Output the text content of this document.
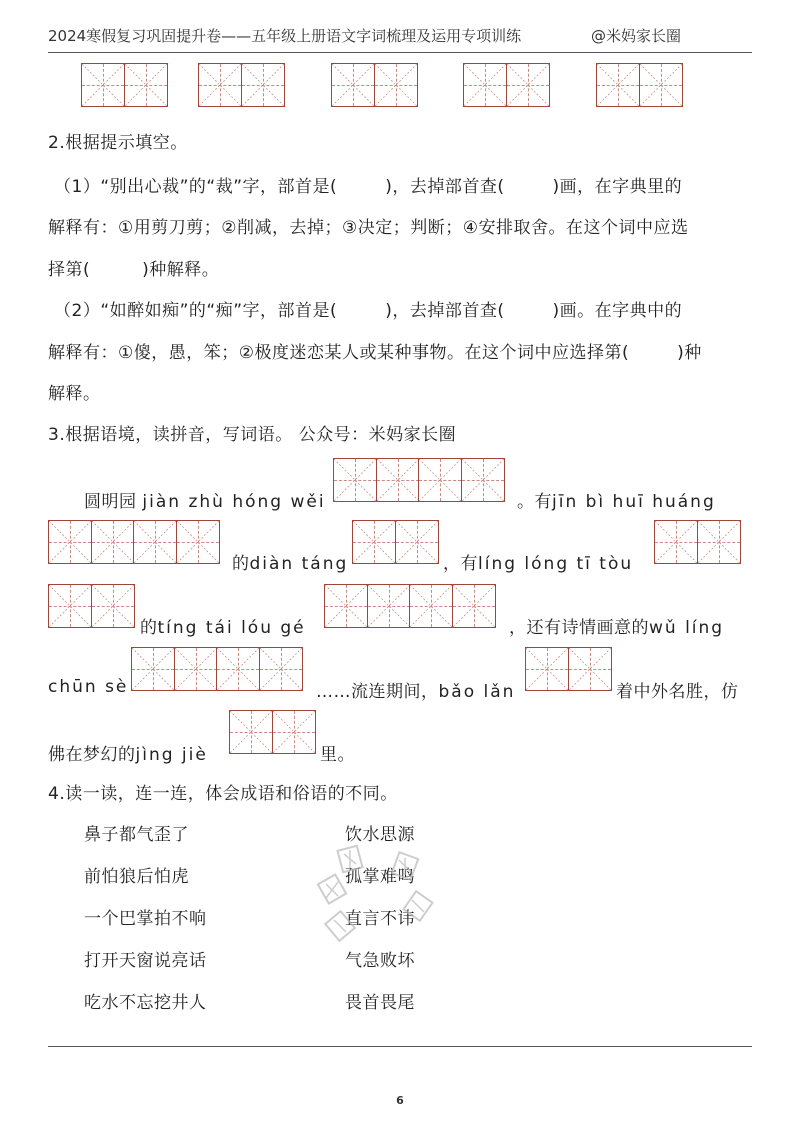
2024寒假复习巩固提升卷——五年级上册语文字词梳理及运用专项训练	@米妈家长圈
2.根据提示填空。
（1）“别出心裁”的“裁”字，部首是(	)，去掉部首查(	)画，在字典里的
解释有：①用剪刀剪；②削减，去掉；③决定；判断；④安排取舍。在这个词中应选
择第(	)种解释。
（2）“如醉如痴”的“痴”字，部首是(	)，去掉部首查(	)画。在字典中的
解释有：①傻，愚，笨；②极度迷恋某人或某种事物。在这个词中应选择第(	)种
解释。
3.根据语境，读拼音，写词语。 公众号：米妈家长圈
圆明园 jiàn zhù hóng wěi	。有jīn bì huī huáng
的diàn táng	，有líng lóng tī tòu
的tíng tái lóu gé	，还有诗情画意的wǔ líng
chūn sè	……流连期间，bǎo lǎn	着中外名胜，仿
佛在梦幻的jìng jiè	里。
4.读一读，连一连，体会成语和俗语的不同。
鼻子都气歪了
前怕狼后怕虎
一个巴掌拍不响
打开天窗说亮话
吃水不忘挖井人
饮水思源
孤掌难鸣
直言不讳
气急败坏
畏首畏尾
6
